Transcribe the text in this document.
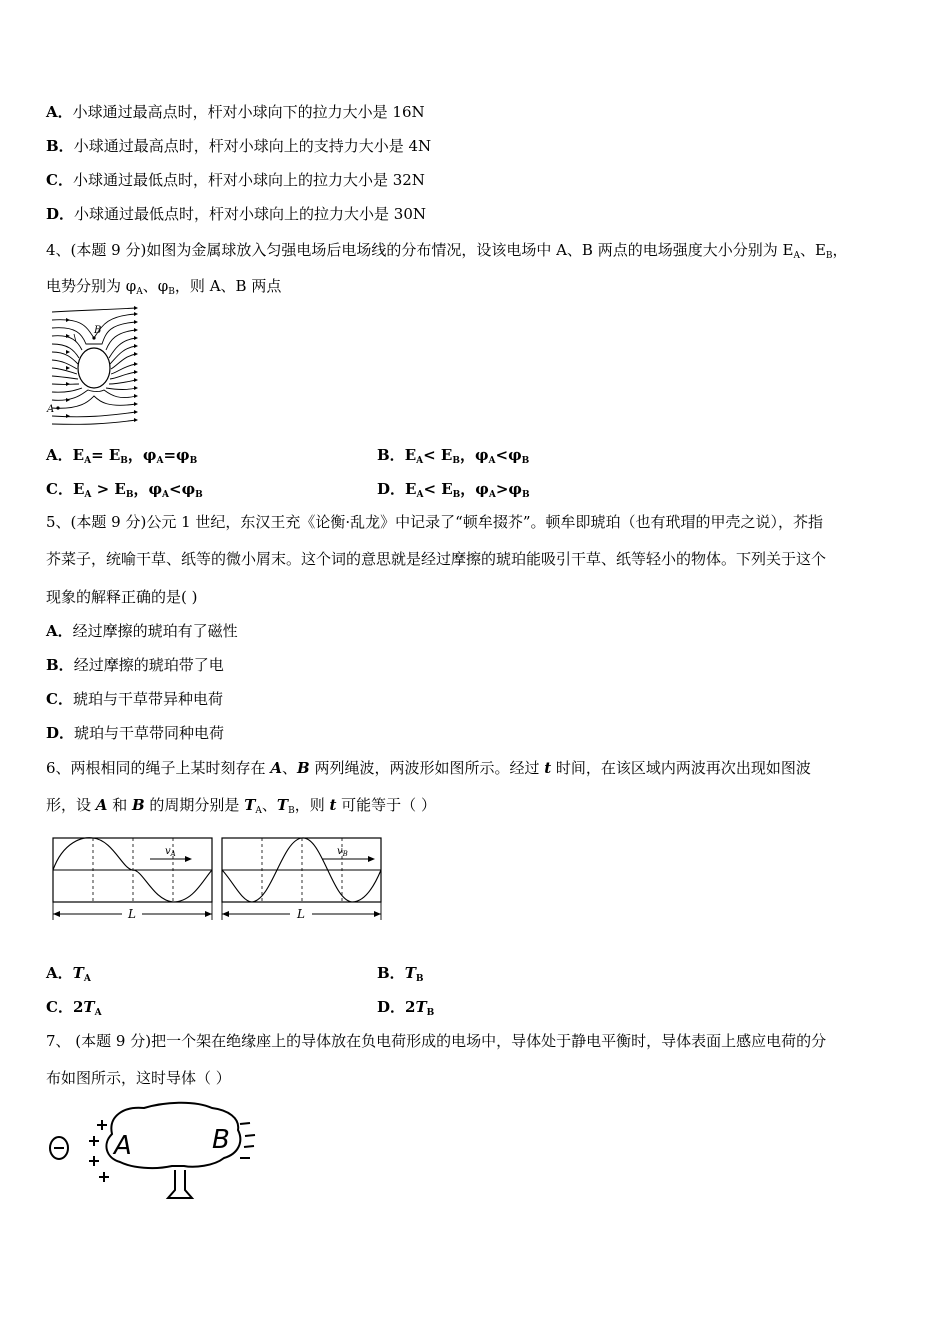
A．小球通过最高点时，杆对小球向下的拉力大小是 16N
B．小球通过最高点时，杆对小球向上的支持力大小是 4N
C．小球通过最低点时，杆对小球向上的拉力大小是 32N
D．小球通过最低点时，杆对小球向上的拉力大小是 30N
4、(本题 9 分)如图为金属球放入匀强电场后电场线的分布情况，设该电场中 A、B 两点的电场强度大小分别为 $E_A$、$E_B$，
电势分别为 $\varphi_A$、$\varphi_B$，则 A、B 两点
B
A
A．$E_A= E_B$，$\varphi_A=\varphi_B$	B．$E_A< E_B$，$\varphi_A<\varphi_B$
C．$E_A > E_B$，$\varphi_A<\varphi_B$	D．$E_A< E_B$，$\varphi_A>\varphi_B$
5、(本题 9 分)公元 1 世纪，东汉王充《论衡·乱龙》中记录了“顿牟掇芥”。顿牟即琥珀（也有玳瑁的甲壳之说），芥指
芥菜子，统喻干草、纸等的微小屑末。这个词的意思就是经过摩擦的琥珀能吸引干草、纸等轻小的物体。下列关于这个
现象的解释正确的是( )
A．经过摩擦的琥珀有了磁性
B．经过摩擦的琥珀带了电
C．琥珀与干草带异种电荷
D．琥珀与干草带同种电荷
6、两根相同的绳子上某时刻存在 A、B 两列绳波，两波形如图所示。经过 t 时间，在该区域内两波再次出现如图波
形，设 A 和 B 的周期分别是 $T_A$、$T_B$，则 t 可能等于（ ）
$v_A$	$v_B$
L	L
A．$T_A$	B．$T_B$
C．$2T_A$	D．$2T_B$
7、 (本题 9 分)把一个架在绝缘座上的导体放在负电荷形成的电场中，导体处于静电平衡时，导体表面上感应电荷的分
布如图所示，这时导体（ ）
A	B
